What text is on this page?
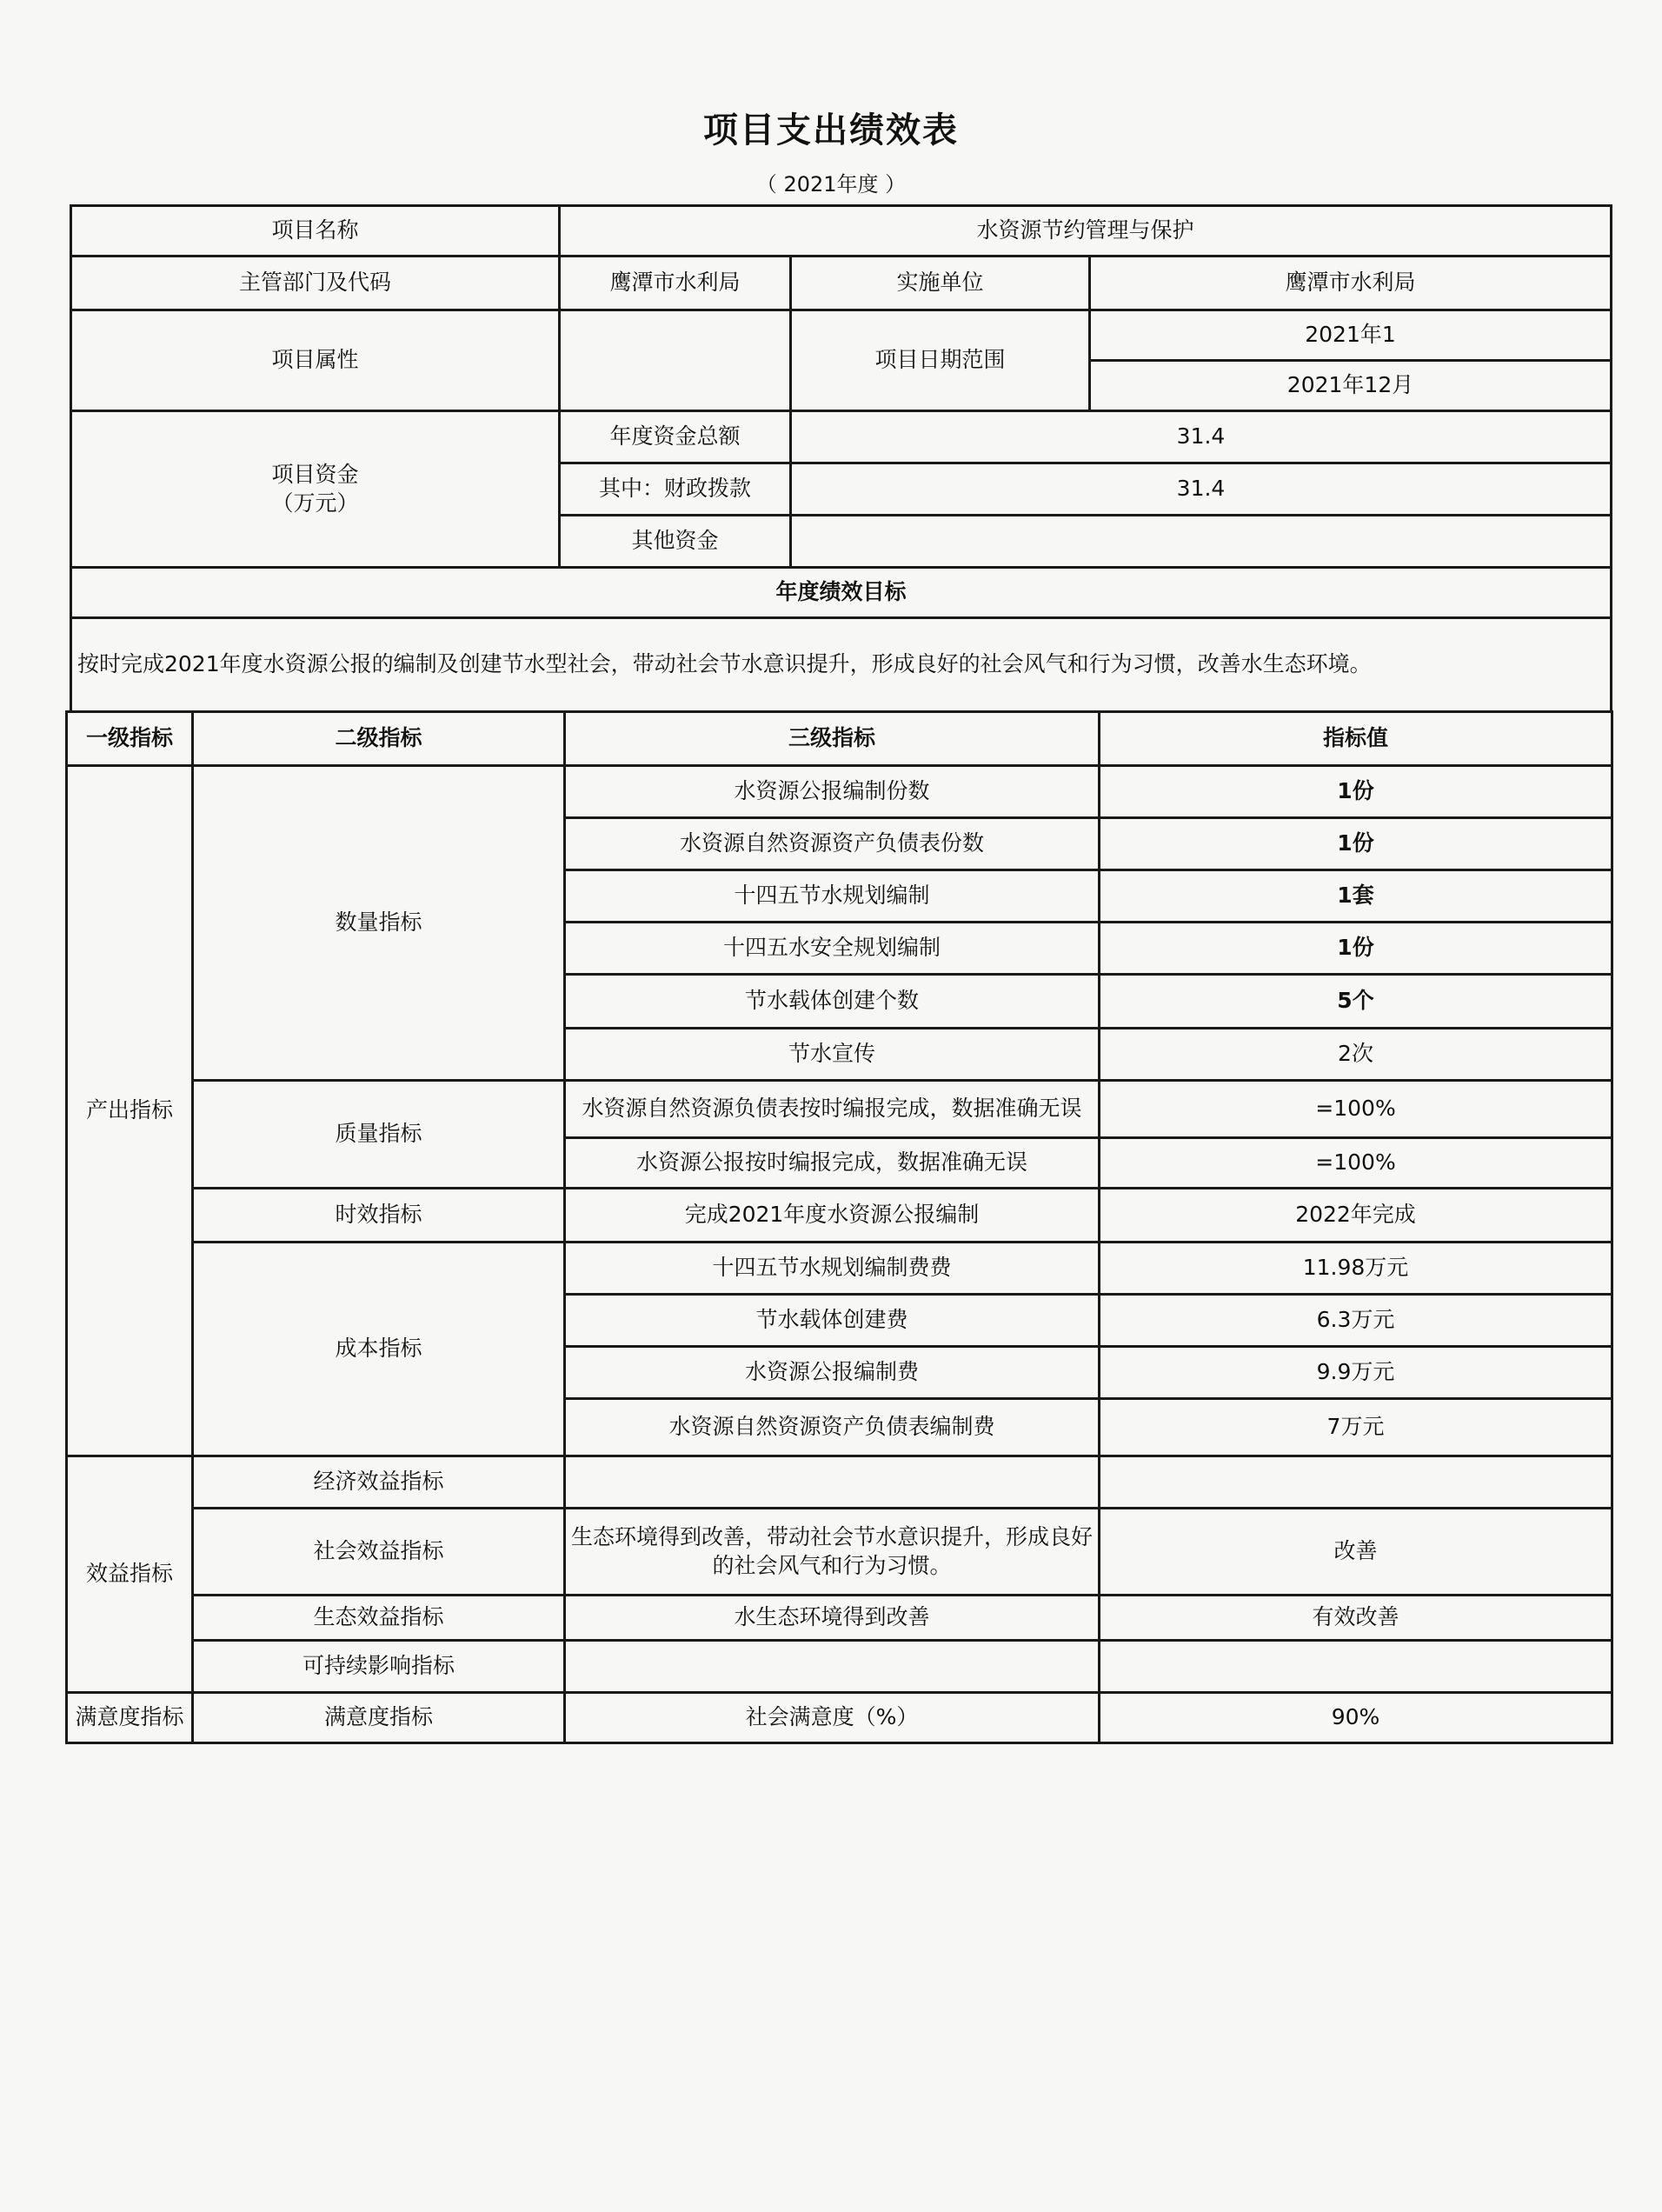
项目支出绩效表
（ 2021年度 ）
项目名称	水资源节约管理与保护		
主管部门及代码	鹰潭市水利局	实施单位	鹰潭市水利局
项目属性		项目日期范围	2021年1
			2021年12月

项目资金
（万元）	年度资金总额	31.4	
	其中：财政拨款	31.4	
	其他资金		
年度绩效目标			
按时完成2021年度水资源公报的编制及创建节水型社会，带动社会节水意识提升，形成良好的社会风气和行为习惯，改善水生态环境。			
一级指标	二级指标	三级指标	指标值
产出指标	数量指标	水资源公报编制份数	1份
		水资源自然资源资产负债表份数	1份
		十四五节水规划编制	1套
		十四五水安全规划编制	1份
		节水载体创建个数	5个
		节水宣传	2次
	质量指标	水资源自然资源负债表按时编报完成，数据准确无误	=100%
		水资源公报按时编报完成，数据准确无误	=100%
	时效指标	完成2021年度水资源公报编制	2022年完成
	成本指标	十四五节水规划编制费费	11.98万元
		节水载体创建费	6.3万元
		水资源公报编制费	9.9万元
		水资源自然资源资产负债表编制费	7万元
效益指标	经济效益指标		
	社会效益指标	生态环境得到改善，带动社会节水意识提升，形成良好的社会风气和行为习惯。	改善
	生态效益指标	水生态环境得到改善	有效改善
	可持续影响指标		
满意度指标	满意度指标	社会满意度（%）	90%
